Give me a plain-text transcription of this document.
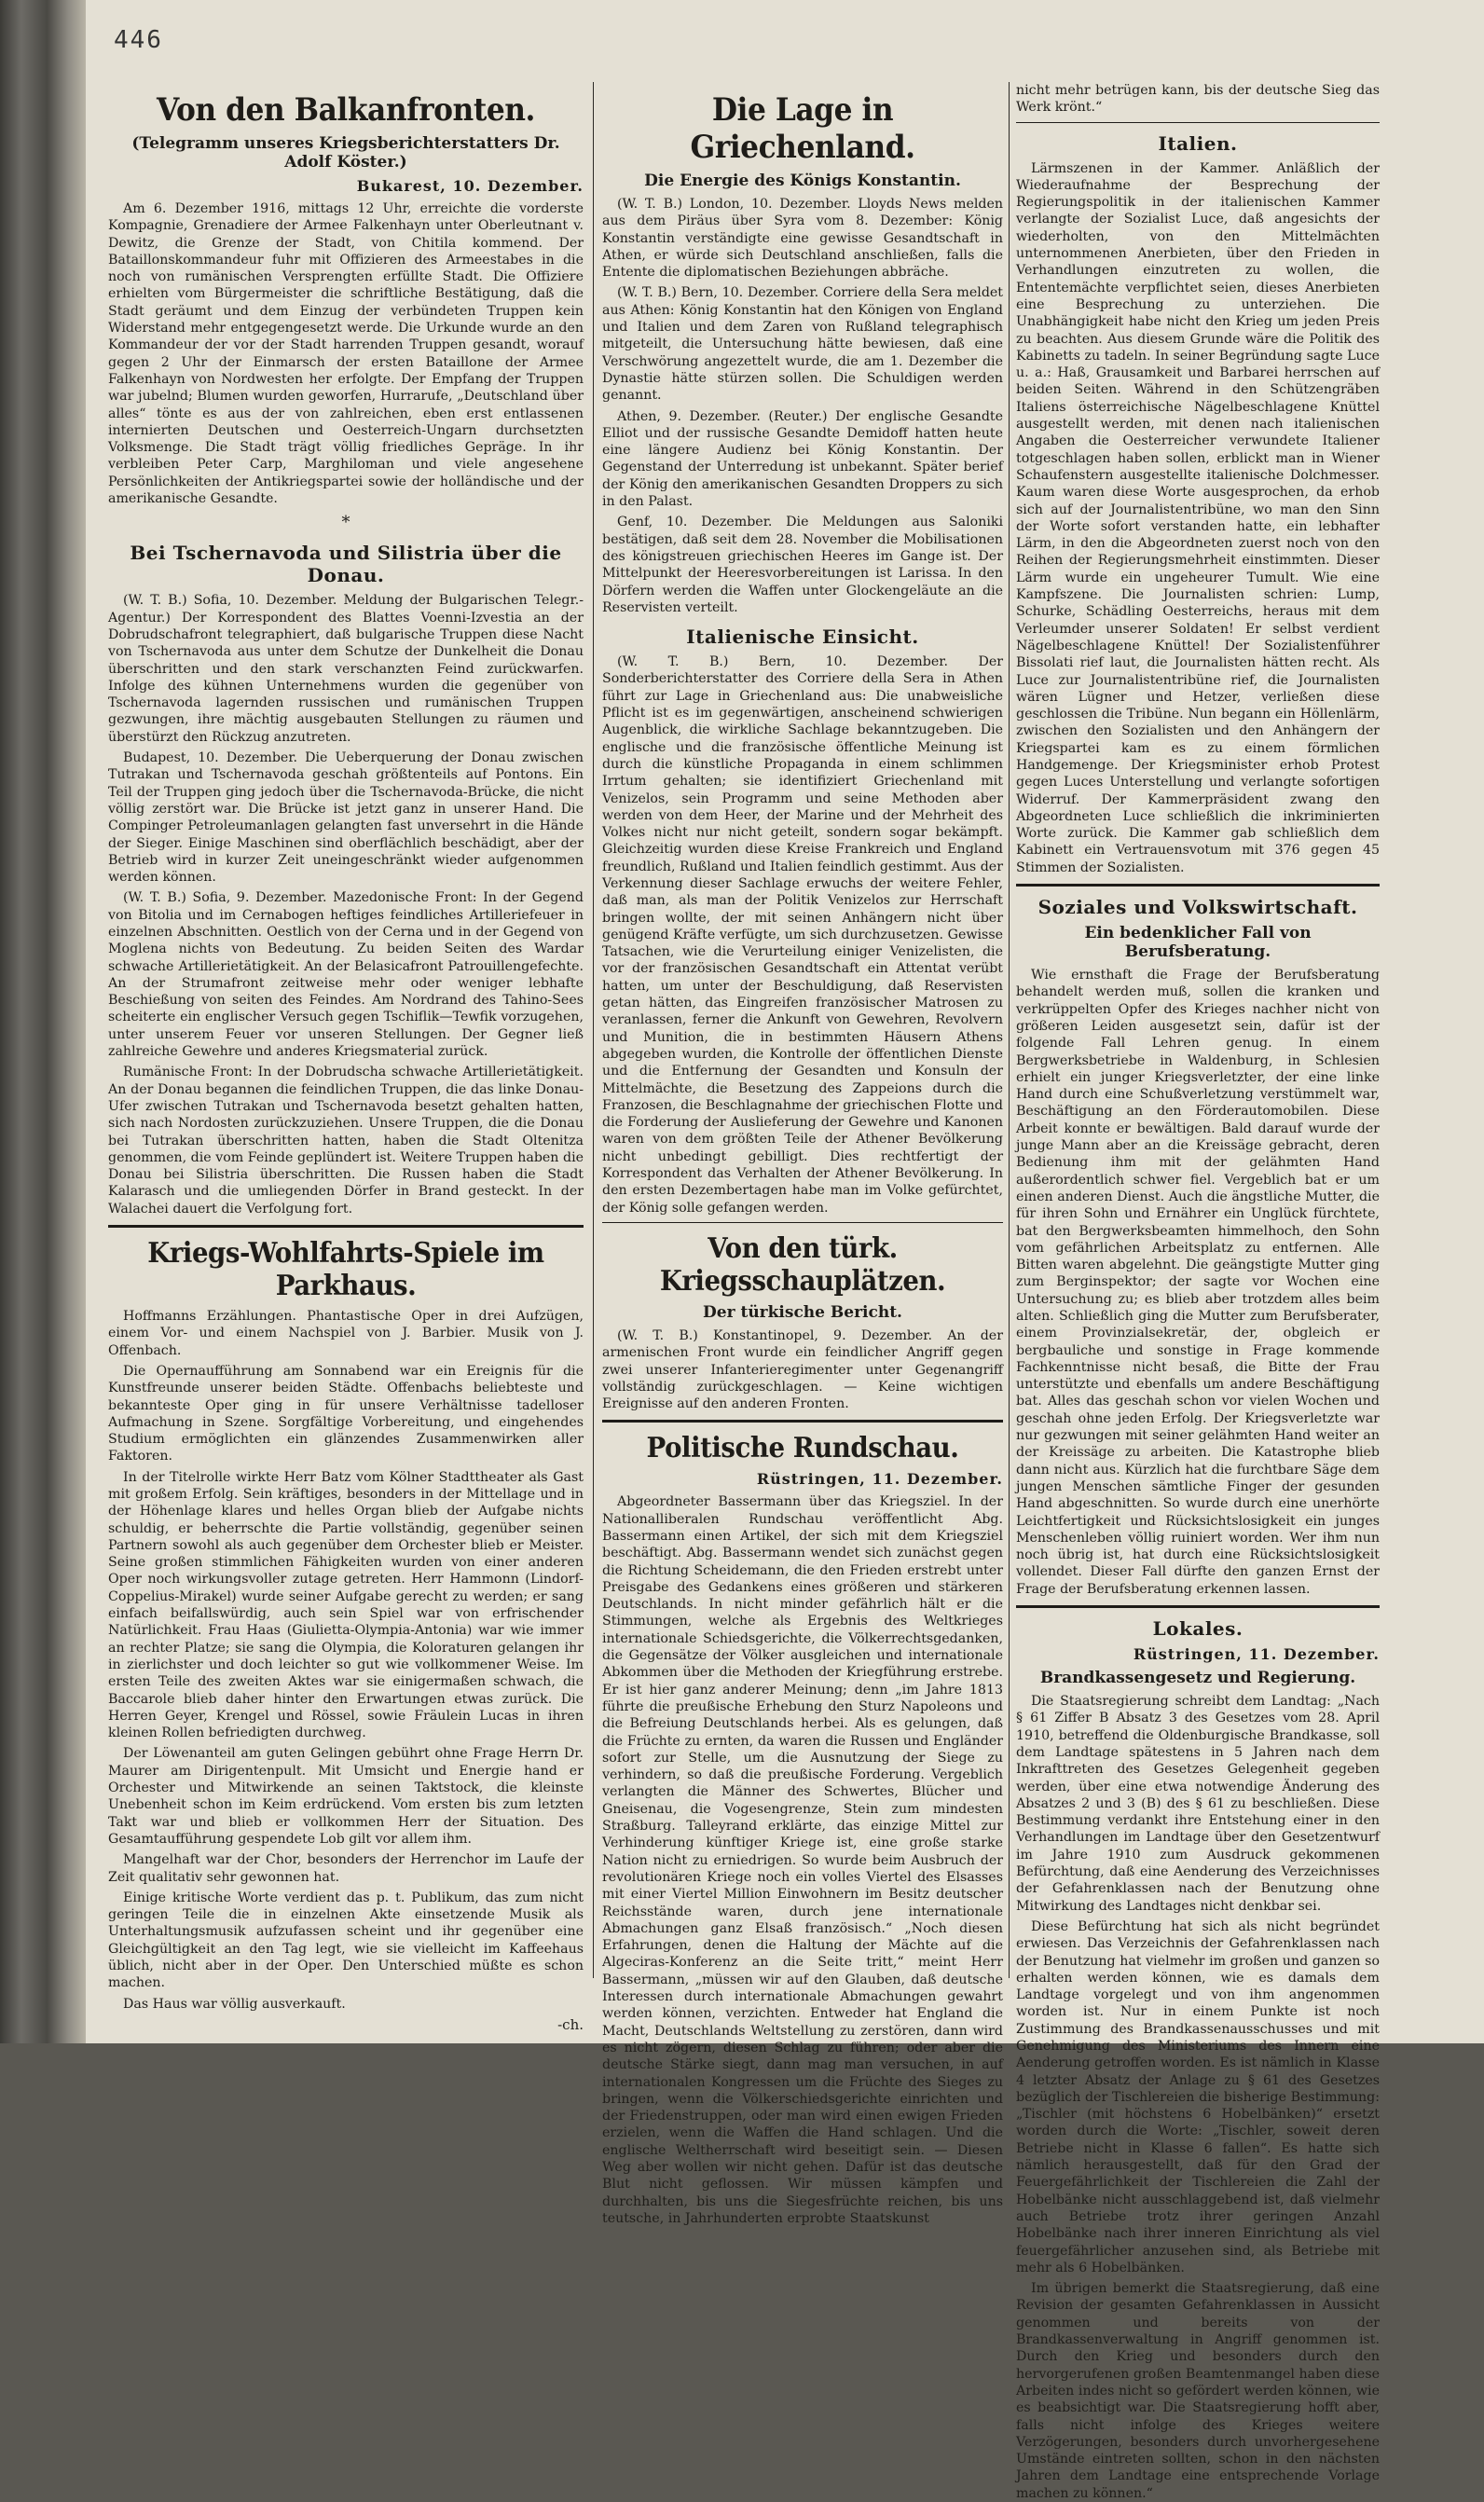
446
Von den Balkanfronten.
(Telegramm unseres Kriegsberichterstatters Dr. Adolf Köster.)
Bukarest, 10. Dezember.

Am 6. Dezember 1916, mittags 12 Uhr, erreichte die vorderste Kompagnie, Grenadiere der Armee Falkenhayn unter Oberleutnant v. Dewitz, die Grenze der Stadt, von Chitila kommend. Der Bataillonskommandeur fuhr mit Offizieren des Armeestabes in die noch von rumänischen Versprengten erfüllte Stadt. Die Offiziere erhielten vom Bürgermeister die schriftliche Bestätigung, daß die Stadt geräumt und dem Einzug der verbündeten Truppen kein Widerstand mehr entgegengesetzt werde. Die Urkunde wurde an den Kommandeur der vor der Stadt harrenden Truppen gesandt, worauf gegen 2 Uhr der Einmarsch der ersten Bataillone der Armee Falkenhayn von Nordwesten her erfolgte. Der Empfang der Truppen war jubelnd; Blumen wurden geworfen, Hurrarufe, „Deutschland über alles“ tönte es aus der von zahlreichen, eben erst entlassenen internierten Deutschen und Oesterreich-Ungarn durchsetzten Volksmenge. Die Stadt trägt völlig friedliches Gepräge. In ihr verbleiben Peter Carp, Marghiloman und viele angesehene Persönlichkeiten der Antikriegspartei sowie der holländische und der amerikanische Gesandte.

*
Bei Tschernavoda und Silistria über die Donau.

(W. T. B.) Sofia, 10. Dezember. Meldung der Bulgarischen Telegr.-Agentur.) Der Korrespondent des Blattes Voenni-Izvestia an der Dobrudschafront telegraphiert, daß bulgarische Truppen diese Nacht von Tschernavoda aus unter dem Schutze der Dunkelheit die Donau überschritten und den stark verschanzten Feind zurückwarfen. Infolge des kühnen Unternehmens wurden die gegenüber von Tschernavoda lagernden russischen und rumänischen Truppen gezwungen, ihre mächtig ausgebauten Stellungen zu räumen und überstürzt den Rückzug anzutreten.

Budapest, 10. Dezember. Die Ueberquerung der Donau zwischen Tutrakan und Tschernavoda geschah größtenteils auf Pontons. Ein Teil der Truppen ging jedoch über die Tschernavoda-Brücke, die nicht völlig zerstört war. Die Brücke ist jetzt ganz in unserer Hand. Die Compinger Petroleumanlagen gelangten fast unversehrt in die Hände der Sieger. Einige Maschinen sind oberflächlich beschädigt, aber der Betrieb wird in kurzer Zeit uneingeschränkt wieder aufgenommen werden können.

(W. T. B.) Sofia, 9. Dezember. Mazedonische Front: In der Gegend von Bitolia und im Cernabogen heftiges feindliches Artilleriefeuer in einzelnen Abschnitten. Oestlich von der Cerna und in der Gegend von Moglena nichts von Bedeutung. Zu beiden Seiten des Wardar schwache Artillerietätigkeit. An der Belasicafront Patrouillengefechte. An der Strumafront zeitweise mehr oder weniger lebhafte Beschießung von seiten des Feindes. Am Nordrand des Tahino-Sees scheiterte ein englischer Versuch gegen Tschiflik—Tewfik vorzugehen, unter unserem Feuer vor unseren Stellungen. Der Gegner ließ zahlreiche Gewehre und anderes Kriegsmaterial zurück.

Rumänische Front: In der Dobrudscha schwache Artillerietätigkeit. An der Donau begannen die feindlichen Truppen, die das linke Donau-Ufer zwischen Tutrakan und Tschernavoda besetzt gehalten hatten, sich nach Nordosten zurückzuziehen. Unsere Truppen, die die Donau bei Tutrakan überschritten hatten, haben die Stadt Oltenitza genommen, die vom Feinde geplündert ist. Weitere Truppen haben die Donau bei Silistria überschritten. Die Russen haben die Stadt Kalarasch und die umliegenden Dörfer in Brand gesteckt. In der Walachei dauert die Verfolgung fort.

Kriegs-Wohlfahrts-Spiele im Parkhaus.

Hoffmanns Erzählungen. Phantastische Oper in drei Aufzügen, einem Vor- und einem Nachspiel von J. Barbier. Musik von J. Offenbach.

Die Opernaufführung am Sonnabend war ein Ereignis für die Kunstfreunde unserer beiden Städte. Offenbachs beliebteste und bekannteste Oper ging in für unsere Verhältnisse tadelloser Aufmachung in Szene. Sorgfältige Vorbereitung, und eingehendes Studium ermöglichten ein glänzendes Zusammenwirken aller Faktoren.

In der Titelrolle wirkte Herr Batz vom Kölner Stadttheater als Gast mit großem Erfolg. Sein kräftiges, besonders in der Mittellage und in der Höhenlage klares und helles Organ blieb der Aufgabe nichts schuldig, er beherrschte die Partie vollständig, gegenüber seinen Partnern sowohl als auch gegenüber dem Orchester blieb er Meister. Seine großen stimmlichen Fähigkeiten wurden von einer anderen Oper noch wirkungsvoller zutage getreten. Herr Hammonn (Lindorf-Coppelius-Mirakel) wurde seiner Aufgabe gerecht zu werden; er sang einfach beifallswürdig, auch sein Spiel war von erfrischender Natürlichkeit. Frau Haas (Giulietta-Olympia-Antonia) war wie immer an rechter Platze; sie sang die Olympia, die Koloraturen gelangen ihr in zierlichster und doch leichter so gut wie vollkommener Weise. Im ersten Teile des zweiten Aktes war sie einigermaßen schwach, die Baccarole blieb daher hinter den Erwartungen etwas zurück. Die Herren Geyer, Krengel und Rössel, sowie Fräulein Lucas in ihren kleinen Rollen befriedigten durchweg.

Der Löwenanteil am guten Gelingen gebührt ohne Frage Herrn Dr. Maurer am Dirigentenpult. Mit Umsicht und Energie hand er Orchester und Mitwirkende an seinen Taktstock, die kleinste Unebenheit schon im Keim erdrückend. Vom ersten bis zum letzten Takt war und blieb er vollkommen Herr der Situation. Des Gesamtaufführung gespendete Lob gilt vor allem ihm.

Mangelhaft war der Chor, besonders der Herrenchor im Laufe der Zeit qualitativ sehr gewonnen hat.

Einige kritische Worte verdient das p. t. Publikum, das zum nicht geringen Teile die in einzelnen Akte einsetzende Musik als Unterhaltungsmusik aufzufassen scheint und ihr gegenüber eine Gleichgültigkeit an den Tag legt, wie sie vielleicht im Kaffeehaus üblich, nicht aber in der Oper. Den Unterschied müßte es schon machen.

Das Haus war völlig ausverkauft.

-ch.
Die Lage in Griechenland.
Die Energie des Königs Konstantin.

(W. T. B.) London, 10. Dezember. Lloyds News melden aus dem Piräus über Syra vom 8. Dezember: König Konstantin verständigte eine gewisse Gesandtschaft in Athen, er würde sich Deutschland anschließen, falls die Entente die diplomatischen Beziehungen abbräche.

(W. T. B.) Bern, 10. Dezember. Corriere della Sera meldet aus Athen: König Konstantin hat den Königen von England und Italien und dem Zaren von Rußland telegraphisch mitgeteilt, die Untersuchung hätte bewiesen, daß eine Verschwörung angezettelt wurde, die am 1. Dezember die Dynastie hätte stürzen sollen. Die Schuldigen werden genannt.

Athen, 9. Dezember. (Reuter.) Der englische Gesandte Elliot und der russische Gesandte Demidoff hatten heute eine längere Audienz bei König Konstantin. Der Gegenstand der Unterredung ist unbekannt. Später berief der König den amerikanischen Gesandten Droppers zu sich in den Palast.

Genf, 10. Dezember. Die Meldungen aus Saloniki bestätigen, daß seit dem 28. November die Mobilisationen des königstreuen griechischen Heeres im Gange ist. Der Mittelpunkt der Heeresvorbereitungen ist Larissa. In den Dörfern werden die Waffen unter Glockengeläute an die Reservisten verteilt.

Italienische Einsicht.

(W. T. B.) Bern, 10. Dezember. Der Sonderberichterstatter des Corriere della Sera in Athen führt zur Lage in Griechenland aus: Die unabweisliche Pflicht ist es im gegenwärtigen, anscheinend schwierigen Augenblick, die wirkliche Sachlage bekanntzugeben. Die englische und die französische öffentliche Meinung ist durch die künstliche Propaganda in einem schlimmen Irrtum gehalten; sie identifiziert Griechenland mit Venizelos, sein Programm und seine Methoden aber werden von dem Heer, der Marine und der Mehrheit des Volkes nicht nur nicht geteilt, sondern sogar bekämpft. Gleichzeitig wurden diese Kreise Frankreich und England freundlich, Rußland und Italien feindlich gestimmt. Aus der Verkennung dieser Sachlage erwuchs der weitere Fehler, daß man, als man der Politik Venizelos zur Herrschaft bringen wollte, der mit seinen Anhängern nicht über genügend Kräfte verfügte, um sich durchzusetzen. Gewisse Tatsachen, wie die Verurteilung einiger Venizelisten, die vor der französischen Gesandtschaft ein Attentat verübt hatten, um unter der Beschuldigung, daß Reservisten getan hätten, das Eingreifen französischer Matrosen zu veranlassen, ferner die Ankunft von Gewehren, Revolvern und Munition, die in bestimmten Häusern Athens abgegeben wurden, die Kontrolle der öffentlichen Dienste und die Entfernung der Gesandten und Konsuln der Mittelmächte, die Besetzung des Zappeions durch die Franzosen, die Beschlagnahme der griechischen Flotte und die Forderung der Auslieferung der Gewehre und Kanonen waren von dem größten Teile der Athener Bevölkerung nicht unbedingt gebilligt. Dies rechtfertigt der Korrespondent das Verhalten der Athener Bevölkerung. In den ersten Dezembertagen habe man im Volke gefürchtet, der König solle gefangen werden.

Von den türk. Kriegsschauplätzen.
Der türkische Bericht.

(W. T. B.) Konstantinopel, 9. Dezember. An der armenischen Front wurde ein feindlicher Angriff gegen zwei unserer Infanterieregimenter unter Gegenangriff vollständig zurückgeschlagen. — Keine wichtigen Ereignisse auf den anderen Fronten.

Politische Rundschau.
Rüstringen, 11. Dezember.

Abgeordneter Bassermann über das Kriegsziel. In der Nationalliberalen Rundschau veröffentlicht Abg. Bassermann einen Artikel, der sich mit dem Kriegsziel beschäftigt. Abg. Bassermann wendet sich zunächst gegen die Richtung Scheidemann, die den Frieden erstrebt unter Preisgabe des Gedankens eines größeren und stärkeren Deutschlands. In nicht minder gefährlich hält er die Stimmungen, welche als Ergebnis des Weltkrieges internationale Schiedsgerichte, die Völkerrechtsgedanken, die Gegensätze der Völker ausgleichen und internationale Abkommen über die Methoden der Kriegführung erstrebe. Er ist hier ganz anderer Meinung; denn „im Jahre 1813 führte die preußische Erhebung den Sturz Napoleons und die Befreiung Deutschlands herbei. Als es gelungen, daß die Früchte zu ernten, da waren die Russen und Engländer sofort zur Stelle, um die Ausnutzung der Siege zu verhindern, so daß die preußische Forderung. Vergeblich verlangten die Männer des Schwertes, Blücher und Gneisenau, die Vogesengrenze, Stein zum mindesten Straßburg. Talleyrand erklärte, das einzige Mittel zur Verhinderung künftiger Kriege ist, eine große starke Nation nicht zu erniedrigen. So wurde beim Ausbruch der revolutionären Kriege noch ein volles Viertel des Elsasses mit einer Viertel Million Einwohnern im Besitz deutscher Reichsstände waren, durch jene internationale Abmachungen ganz Elsaß französisch.“ „Noch diesen Erfahrungen, denen die Haltung der Mächte auf die Algeciras-Konferenz an die Seite tritt,“ meint Herr Bassermann, „müssen wir auf den Glauben, daß deutsche Interessen durch internationale Abmachungen gewahrt werden können, verzichten. Entweder hat England die Macht, Deutschlands Weltstellung zu zerstören, dann wird es nicht zögern, diesen Schlag zu führen; oder aber die deutsche Stärke siegt, dann mag man versuchen, in auf internationalen Kongressen um die Früchte des Sieges zu bringen, wenn die Völkerschiedsgerichte einrichten und der Friedenstruppen, oder man wird einen ewigen Frieden erzielen, wenn die Waffen die Hand schlagen. Und die englische Weltherrschaft wird beseitigt sein. — Diesen Weg aber wollen wir nicht gehen. Dafür ist das deutsche Blut nicht geflossen. Wir müssen kämpfen und durchhalten, bis uns die Siegesfrüchte reichen, bis uns teutsche, in Jahrhunderten erprobte Staatskunst

nicht mehr betrügen kann, bis der deutsche Sieg das Werk krönt.“

Italien.

Lärmszenen in der Kammer. Anläßlich der Wiederaufnahme der Besprechung der Regierungspolitik in der italienischen Kammer verlangte der Sozialist Luce, daß angesichts der wiederholten, von den Mittelmächten unternommenen Anerbieten, über den Frieden in Verhandlungen einzutreten zu wollen, die Ententemächte verpflichtet seien, dieses Anerbieten eine Besprechung zu unterziehen. Die Unabhängigkeit habe nicht den Krieg um jeden Preis zu beachten. Aus diesem Grunde wäre die Politik des Kabinetts zu tadeln. In seiner Begründung sagte Luce u. a.: Haß, Grausamkeit und Barbarei herrschen auf beiden Seiten. Während in den Schützengräben Italiens österreichische Nägelbeschlagene Knüttel ausgestellt werden, mit denen nach italienischen Angaben die Oesterreicher verwundete Italiener totgeschlagen haben sollen, erblickt man in Wiener Schaufenstern ausgestellte italienische Dolchmesser. Kaum waren diese Worte ausgesprochen, da erhob sich auf der Journalistentribüne, wo man den Sinn der Worte sofort verstanden hatte, ein lebhafter Lärm, in den die Abgeordneten zuerst noch von den Reihen der Regierungsmehrheit einstimmten. Dieser Lärm wurde ein ungeheurer Tumult. Wie eine Kampfszene. Die Journalisten schrien: Lump, Schurke, Schädling Oesterreichs, heraus mit dem Verleumder unserer Soldaten! Er selbst verdient Nägelbeschlagene Knüttel! Der Sozialistenführer Bissolati rief laut, die Journalisten hätten recht. Als Luce zur Journalistentribüne rief, die Journalisten wären Lügner und Hetzer, verließen diese geschlossen die Tribüne. Nun begann ein Höllenlärm, zwischen den Sozialisten und den Anhängern der Kriegspartei kam es zu einem förmlichen Handgemenge. Der Kriegsminister erhob Protest gegen Luces Unterstellung und verlangte sofortigen Widerruf. Der Kammerpräsident zwang den Abgeordneten Luce schließlich die inkriminierten Worte zurück. Die Kammer gab schließlich dem Kabinett ein Vertrauensvotum mit 376 gegen 45 Stimmen der Sozialisten.

Soziales und Volkswirtschaft.
Ein bedenklicher Fall von Berufsberatung.

Wie ernsthaft die Frage der Berufsberatung behandelt werden muß, sollen die kranken und verkrüppelten Opfer des Krieges nachher nicht von größeren Leiden ausgesetzt sein, dafür ist der folgende Fall Lehren genug. In einem Bergwerksbetriebe in Waldenburg, in Schlesien erhielt ein junger Kriegsverletzter, der eine linke Hand durch eine Schußverletzung verstümmelt war, Beschäftigung an den Förderautomobilen. Diese Arbeit konnte er bewältigen. Bald darauf wurde der junge Mann aber an die Kreissäge gebracht, deren Bedienung ihm mit der gelähmten Hand außerordentlich schwer fiel. Vergeblich bat er um einen anderen Dienst. Auch die ängstliche Mutter, die für ihren Sohn und Ernährer ein Unglück fürchtete, bat den Bergwerksbeamten himmelhoch, den Sohn vom gefährlichen Arbeitsplatz zu entfernen. Alle Bitten waren abgelehnt. Die geängstigte Mutter ging zum Berginspektor; der sagte vor Wochen eine Untersuchung zu; es blieb aber trotzdem alles beim alten. Schließlich ging die Mutter zum Berufsberater, einem Provinzialsekretär, der, obgleich er bergbauliche und sonstige in Frage kommende Fachkenntnisse nicht besaß, die Bitte der Frau unterstützte und ebenfalls um andere Beschäftigung bat. Alles das geschah schon vor vielen Wochen und geschah ohne jeden Erfolg. Der Kriegsverletzte war nur gezwungen mit seiner gelähmten Hand weiter an der Kreissäge zu arbeiten. Die Katastrophe blieb dann nicht aus. Kürzlich hat die furchtbare Säge dem jungen Menschen sämtliche Finger der gesunden Hand abgeschnitten. So wurde durch eine unerhörte Leichtfertigkeit und Rücksichtslosigkeit ein junges Menschenleben völlig ruiniert worden. Wer ihm nun noch übrig ist, hat durch eine Rücksichtslosigkeit vollendet. Dieser Fall dürfte den ganzen Ernst der Frage der Berufsberatung erkennen lassen.

Lokales.
Rüstringen, 11. Dezember.
Brandkassengesetz und Regierung.

Die Staatsregierung schreibt dem Landtag: „Nach § 61 Ziffer B Absatz 3 des Gesetzes vom 28. April 1910, betreffend die Oldenburgische Brandkasse, soll dem Landtage spätestens in 5 Jahren nach dem Inkrafttreten des Gesetzes Gelegenheit gegeben werden, über eine etwa notwendige Änderung des Absatzes 2 und 3 (B) des § 61 zu beschließen. Diese Bestimmung verdankt ihre Entstehung einer in den Verhandlungen im Landtage über den Gesetzentwurf im Jahre 1910 zum Ausdruck gekommenen Befürchtung, daß eine Aenderung des Verzeichnisses der Gefahrenklassen nach der Benutzung ohne Mitwirkung des Landtages nicht denkbar sei.

Diese Befürchtung hat sich als nicht begründet erwiesen. Das Verzeichnis der Gefahrenklassen nach der Benutzung hat vielmehr im großen und ganzen so erhalten werden können, wie es damals dem Landtage vorgelegt und von ihm angenommen worden ist. Nur in einem Punkte ist noch Zustimmung des Brandkassenausschusses und mit Genehmigung des Ministeriums des Innern eine Aenderung getroffen worden. Es ist nämlich in Klasse 4 letzter Absatz der Anlage zu § 61 des Gesetzes bezüglich der Tischlereien die bisherige Bestimmung: „Tischler (mit höchstens 6 Hobelbänken)“ ersetzt worden durch die Worte: „Tischler, soweit deren Betriebe nicht in Klasse 6 fallen“. Es hatte sich nämlich herausgestellt, daß für den Grad der Feuergefährlichkeit der Tischlereien die Zahl der Hobelbänke nicht ausschlaggebend ist, daß vielmehr auch Betriebe trotz ihrer geringen Anzahl Hobelbänke nach ihrer inneren Einrichtung als viel feuergefährlicher anzusehen sind, als Betriebe mit mehr als 6 Hobelbänken.

Im übrigen bemerkt die Staatsregierung, daß eine Revision der gesamten Gefahrenklassen in Aussicht genommen und bereits von der Brandkassenverwaltung in Angriff genommen ist. Durch den Krieg und besonders durch den hervorgerufenen großen Beamtenmangel haben diese Arbeiten indes nicht so gefördert werden können, wie es beabsichtigt war. Die Staatsregierung hofft aber, falls nicht infolge des Krieges weitere Verzögerungen, besonders durch unvorhergesehene Umstände eintreten sollten, schon in den nächsten Jahren dem Landtage eine entsprechende Vorlage machen zu können.“
